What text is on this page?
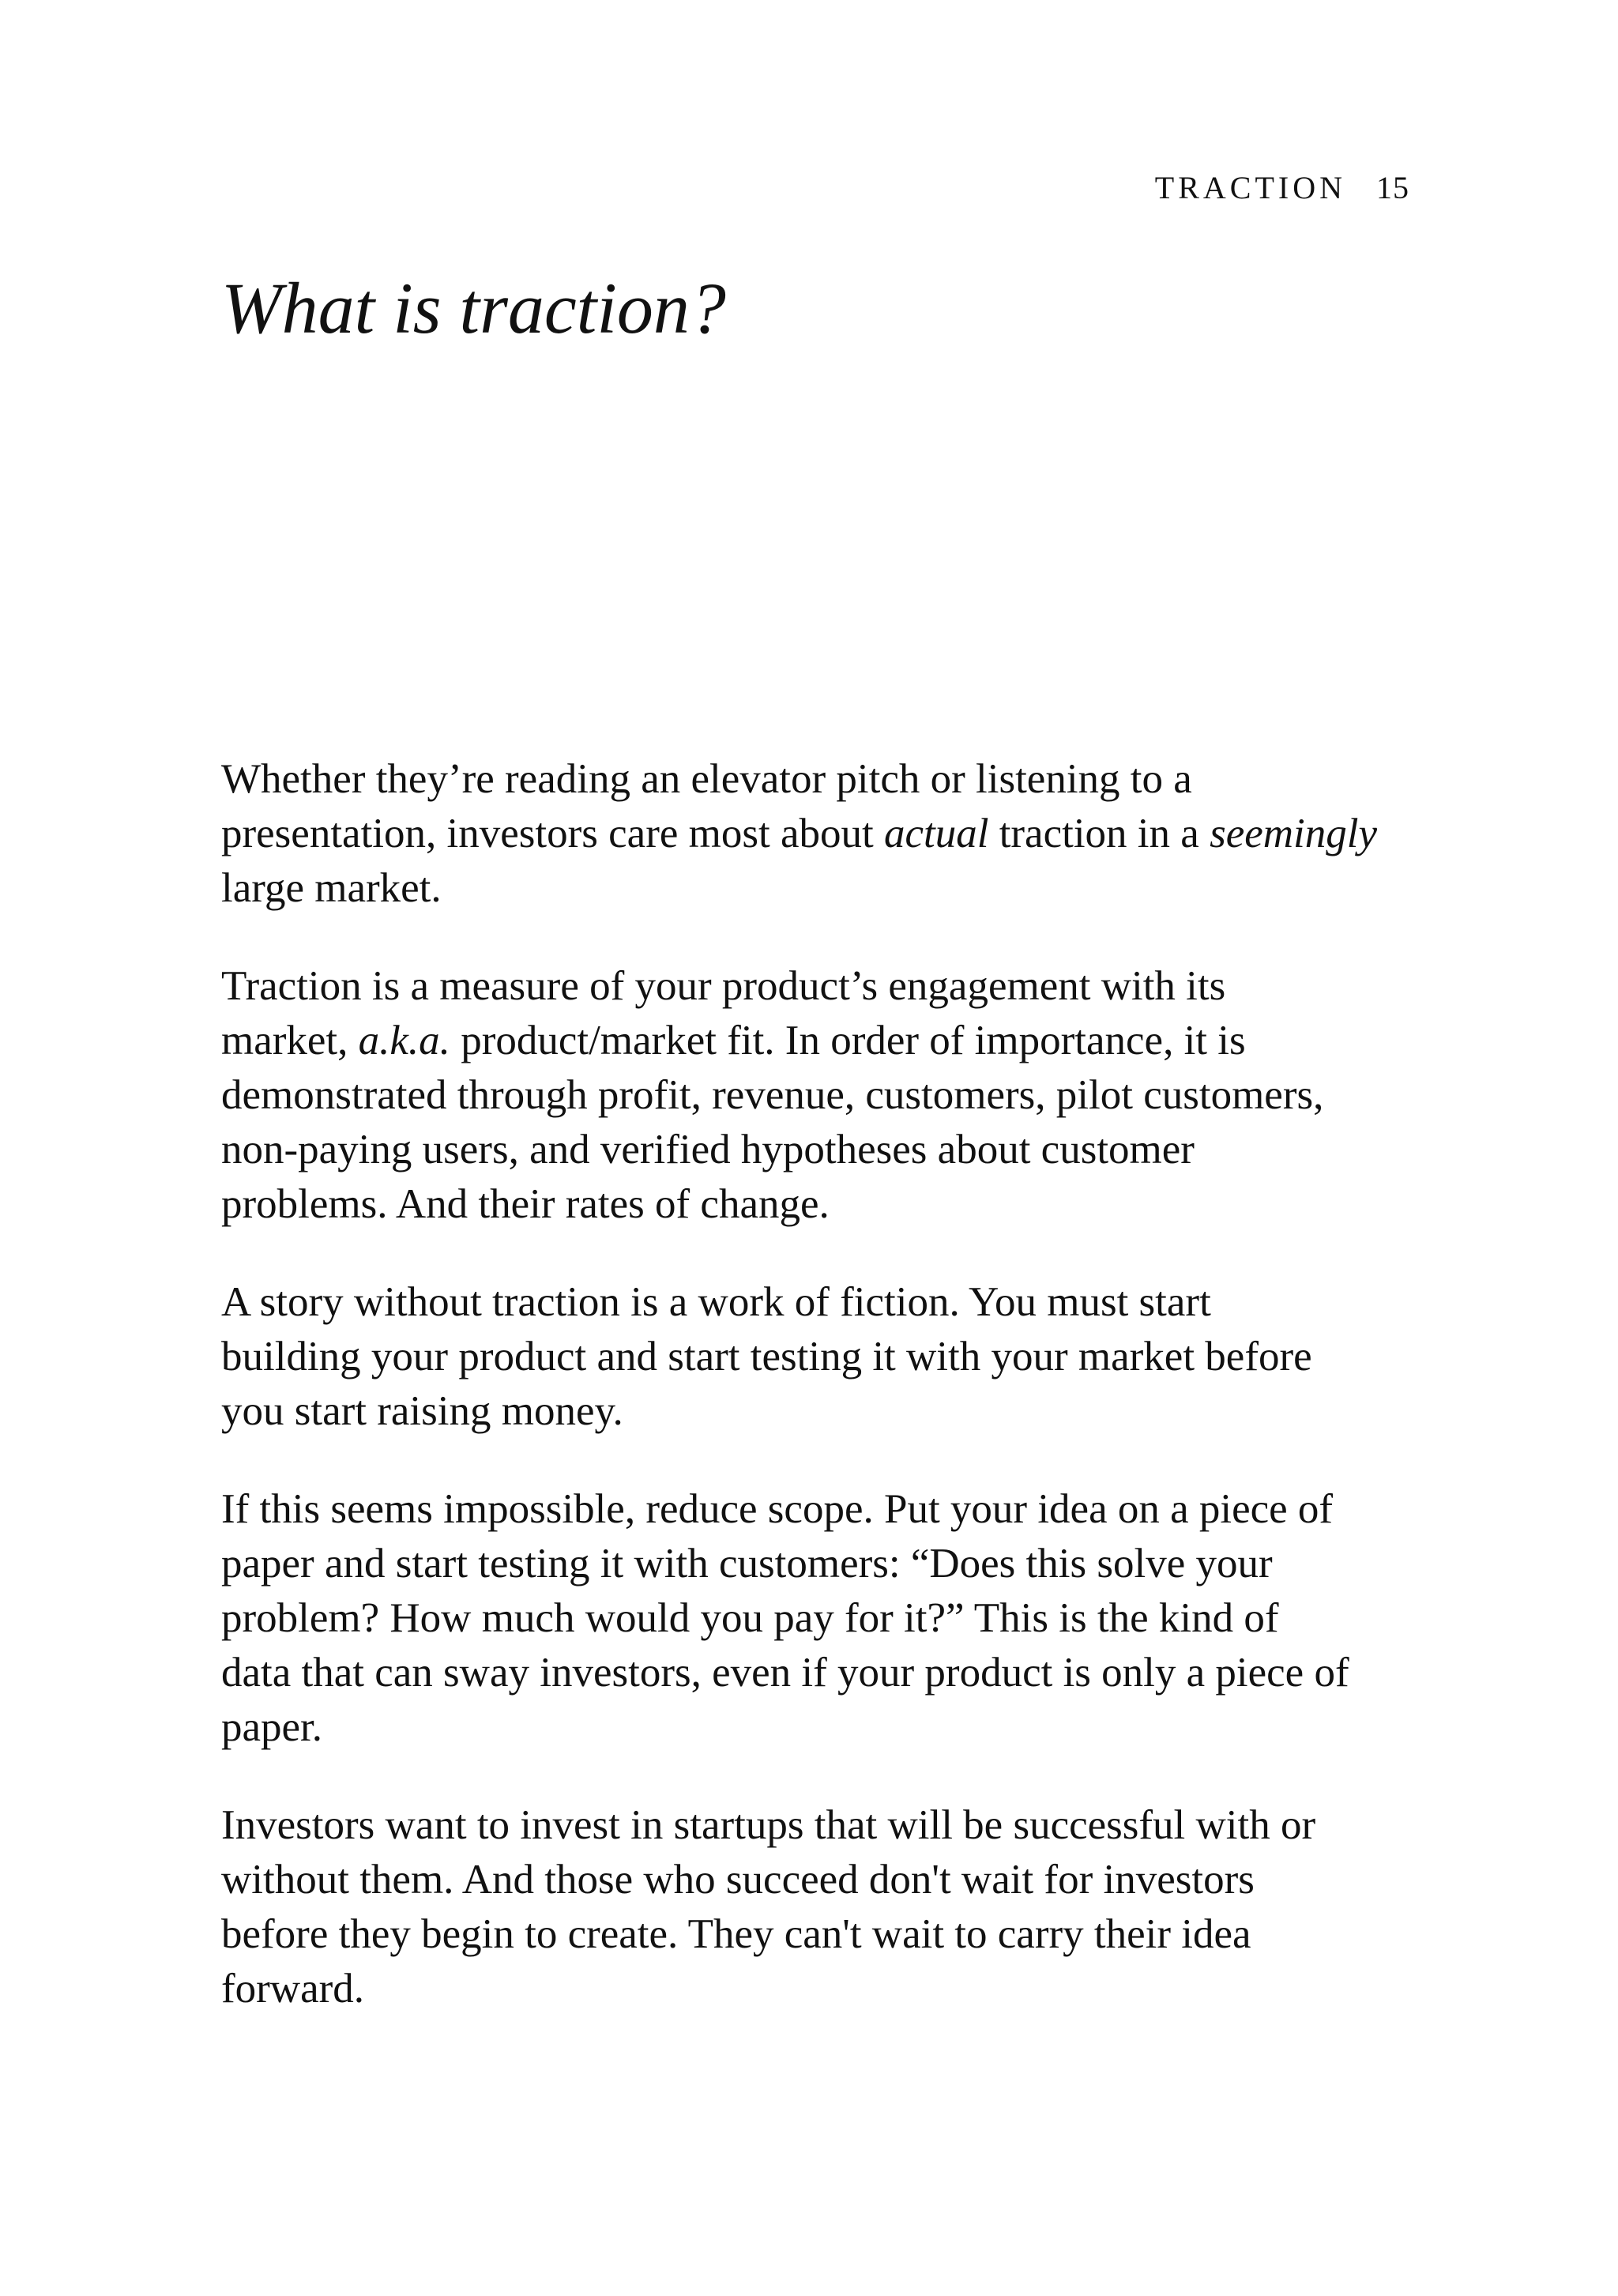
TRACTION 15
What is traction?

Whether they’re reading an elevator pitch or listening to a
presentation, investors care most about actual traction in a seemingly
large market.

Traction is a measure of your product’s engagement with its
market, a.k.a. product/market fit. In order of importance, it is
demonstrated through profit, revenue, customers, pilot customers,
non-paying users, and verified hypotheses about customer
problems. And their rates of change.

A story without traction is a work of fiction. You must start
building your product and start testing it with your market before
you start raising money.

If this seems impossible, reduce scope. Put your idea on a piece of
paper and start testing it with customers: “Does this solve your
problem? How much would you pay for it?” This is the kind of
data that can sway investors, even if your product is only a piece of
paper.

Investors want to invest in startups that will be successful with or
without them. And those who succeed don't wait for investors
before they begin to create. They can't wait to carry their idea
forward.
